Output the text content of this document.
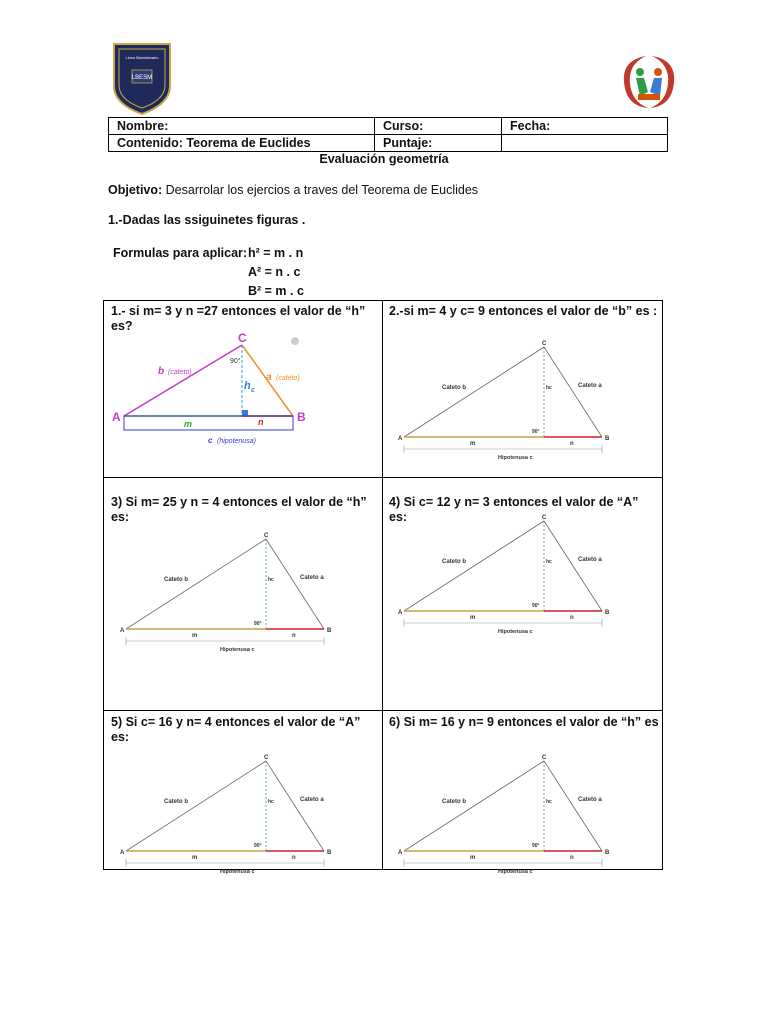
LBESM
Liceo Bicentenario
Nombre:	Curso:	Fecha:
Contenido: Teorema de Euclides	Puntaje:	
Evaluación geometría
Objetivo: Desarrolar los ejercios a traves del Teorema de Euclides
1.-Dadas las ssiguinetes figuras .
Formulas para aplicar: h² = m . n
A² = n . c
B² = m . c
1.- si m= 3 y n =27 entonces el valor de “h” es?
2.-si m= 4 y c= 9 entonces el valor de “b” es :
3) Si m= 25 y n = 4 entonces el valor de “h” es:
4) Si c= 12 y n= 3 entonces el valor de “A” es:
5) Si c= 16 y n= 4 entonces el valor de “A” es:
6) Si m= 16 y n= 9 entonces el valor de “h” es
A	B
C
90°
b (cateto)	a (cateto)
h c
m	n
c (hipotenusa)	A	B
C
Cateto b	Cateto a
hc
90°
m	n
Hipotenusa c
A	B
C
Cateto b	Cateto a
hc
90°
m	n
Hipotenusa c
A	B
C
Cateto b	Cateto a
hc
90°
m	n
Hipotenusa c
A	B
C
Cateto b	Cateto a
hc
90°
m	n
Hipotenusa c
A	B
C
Cateto b	Cateto a
hc
90°
m	n
Hipotenusa c
